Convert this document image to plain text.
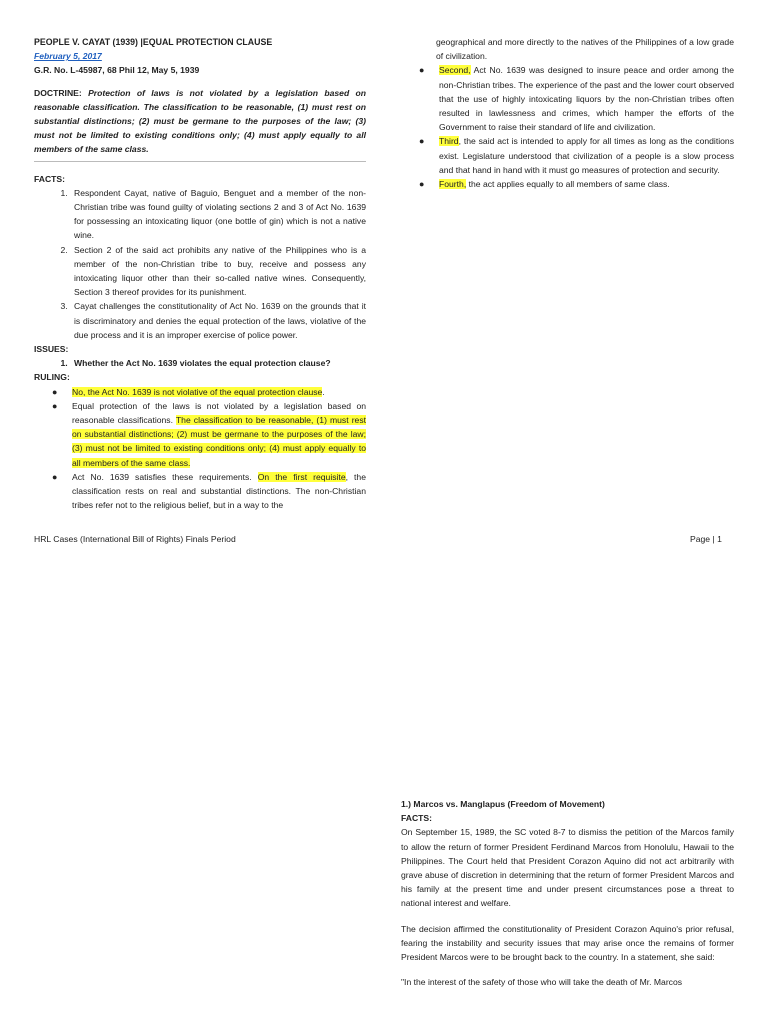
PEOPLE V. CAYAT (1939) |EQUAL PROTECTION CLAUSE
February 5, 2017
G.R. No. L-45987, 68 Phil 12, May 5, 1939
DOCTRINE: Protection of laws is not violated by a legislation based on reasonable classification. The classification to be reasonable, (1) must rest on substantial distinctions; (2) must be germane to the purposes of the law; (3) must not be limited to existing conditions only; (4) must apply equally to all members of the same class.
FACTS:
1. Respondent Cayat, native of Baguio, Benguet and a member of the non-Christian tribe was found guilty of violating sections 2 and 3 of Act No. 1639 for possessing an intoxicating liquor (one bottle of gin) which is not a native wine.
2. Section 2 of the said act prohibits any native of the Philippines who is a member of the non-Christian tribe to buy, receive and possess any intoxicating liquor other than their so-called native wines. Consequently, Section 3 thereof provides for its punishment.
3. Cayat challenges the constitutionality of Act No. 1639 on the grounds that it is discriminatory and denies the equal protection of the laws, violative of the due process and it is an improper exercise of police power.
ISSUES:
1. Whether the Act No. 1639 violates the equal protection clause?
RULING:
● No, the Act No. 1639 is not violative of the equal protection clause.
● Equal protection of the laws is not violated by a legislation based on reasonable classifications. The classification to be reasonable, (1) must rest on substantial distinctions; (2) must be germane to the purposes of the law; (3) must not be limited to existing conditions only; (4) must apply equally to all members of the same class.
● Act No. 1639 satisfies these requirements. On the first requisite, the classification rests on real and substantial distinctions. The non-Christian tribes refer not to the religious belief, but in a way to the
geographical and more directly to the natives of the Philippines of a low grade of civilization.
● Second, Act No. 1639 was designed to insure peace and order among the non-Christian tribes. The experience of the past and the lower court observed that the use of highly intoxicating liquors by the non-Christian tribes often resulted in lawlessness and crimes, which hamper the efforts of the Government to raise their standard of life and civilization.
● Third, the said act is intended to apply for all times as long as the conditions exist. Legislature understood that civilization of a people is a slow process and that hand in hand with it must go measures of protection and security.
● Fourth, the act applies equally to all members of same class.
HRL Cases (International Bill of Rights) Finals Period	Page | 1
1.) Marcos vs. Manglapus (Freedom of Movement)
FACTS:

On September 15, 1989, the SC voted 8-7 to dismiss the petition of the Marcos family to allow the return of former President Ferdinand Marcos from Honolulu, Hawaii to the Philippines. The Court held that President Corazon Aquino did not act arbitrarily with grave abuse of discretion in determining that the return of former President Marcos and his family at the present time and under present circumstances pose a threat to national interest and welfare.

The decision affirmed the constitutionality of President Corazon Aquino's prior refusal, fearing the instability and security issues that may arise once the remains of former President Marcos were to be brought back to the country. In a statement, she said:

"In the interest of the safety of those who will take the death of Mr. Marcos
